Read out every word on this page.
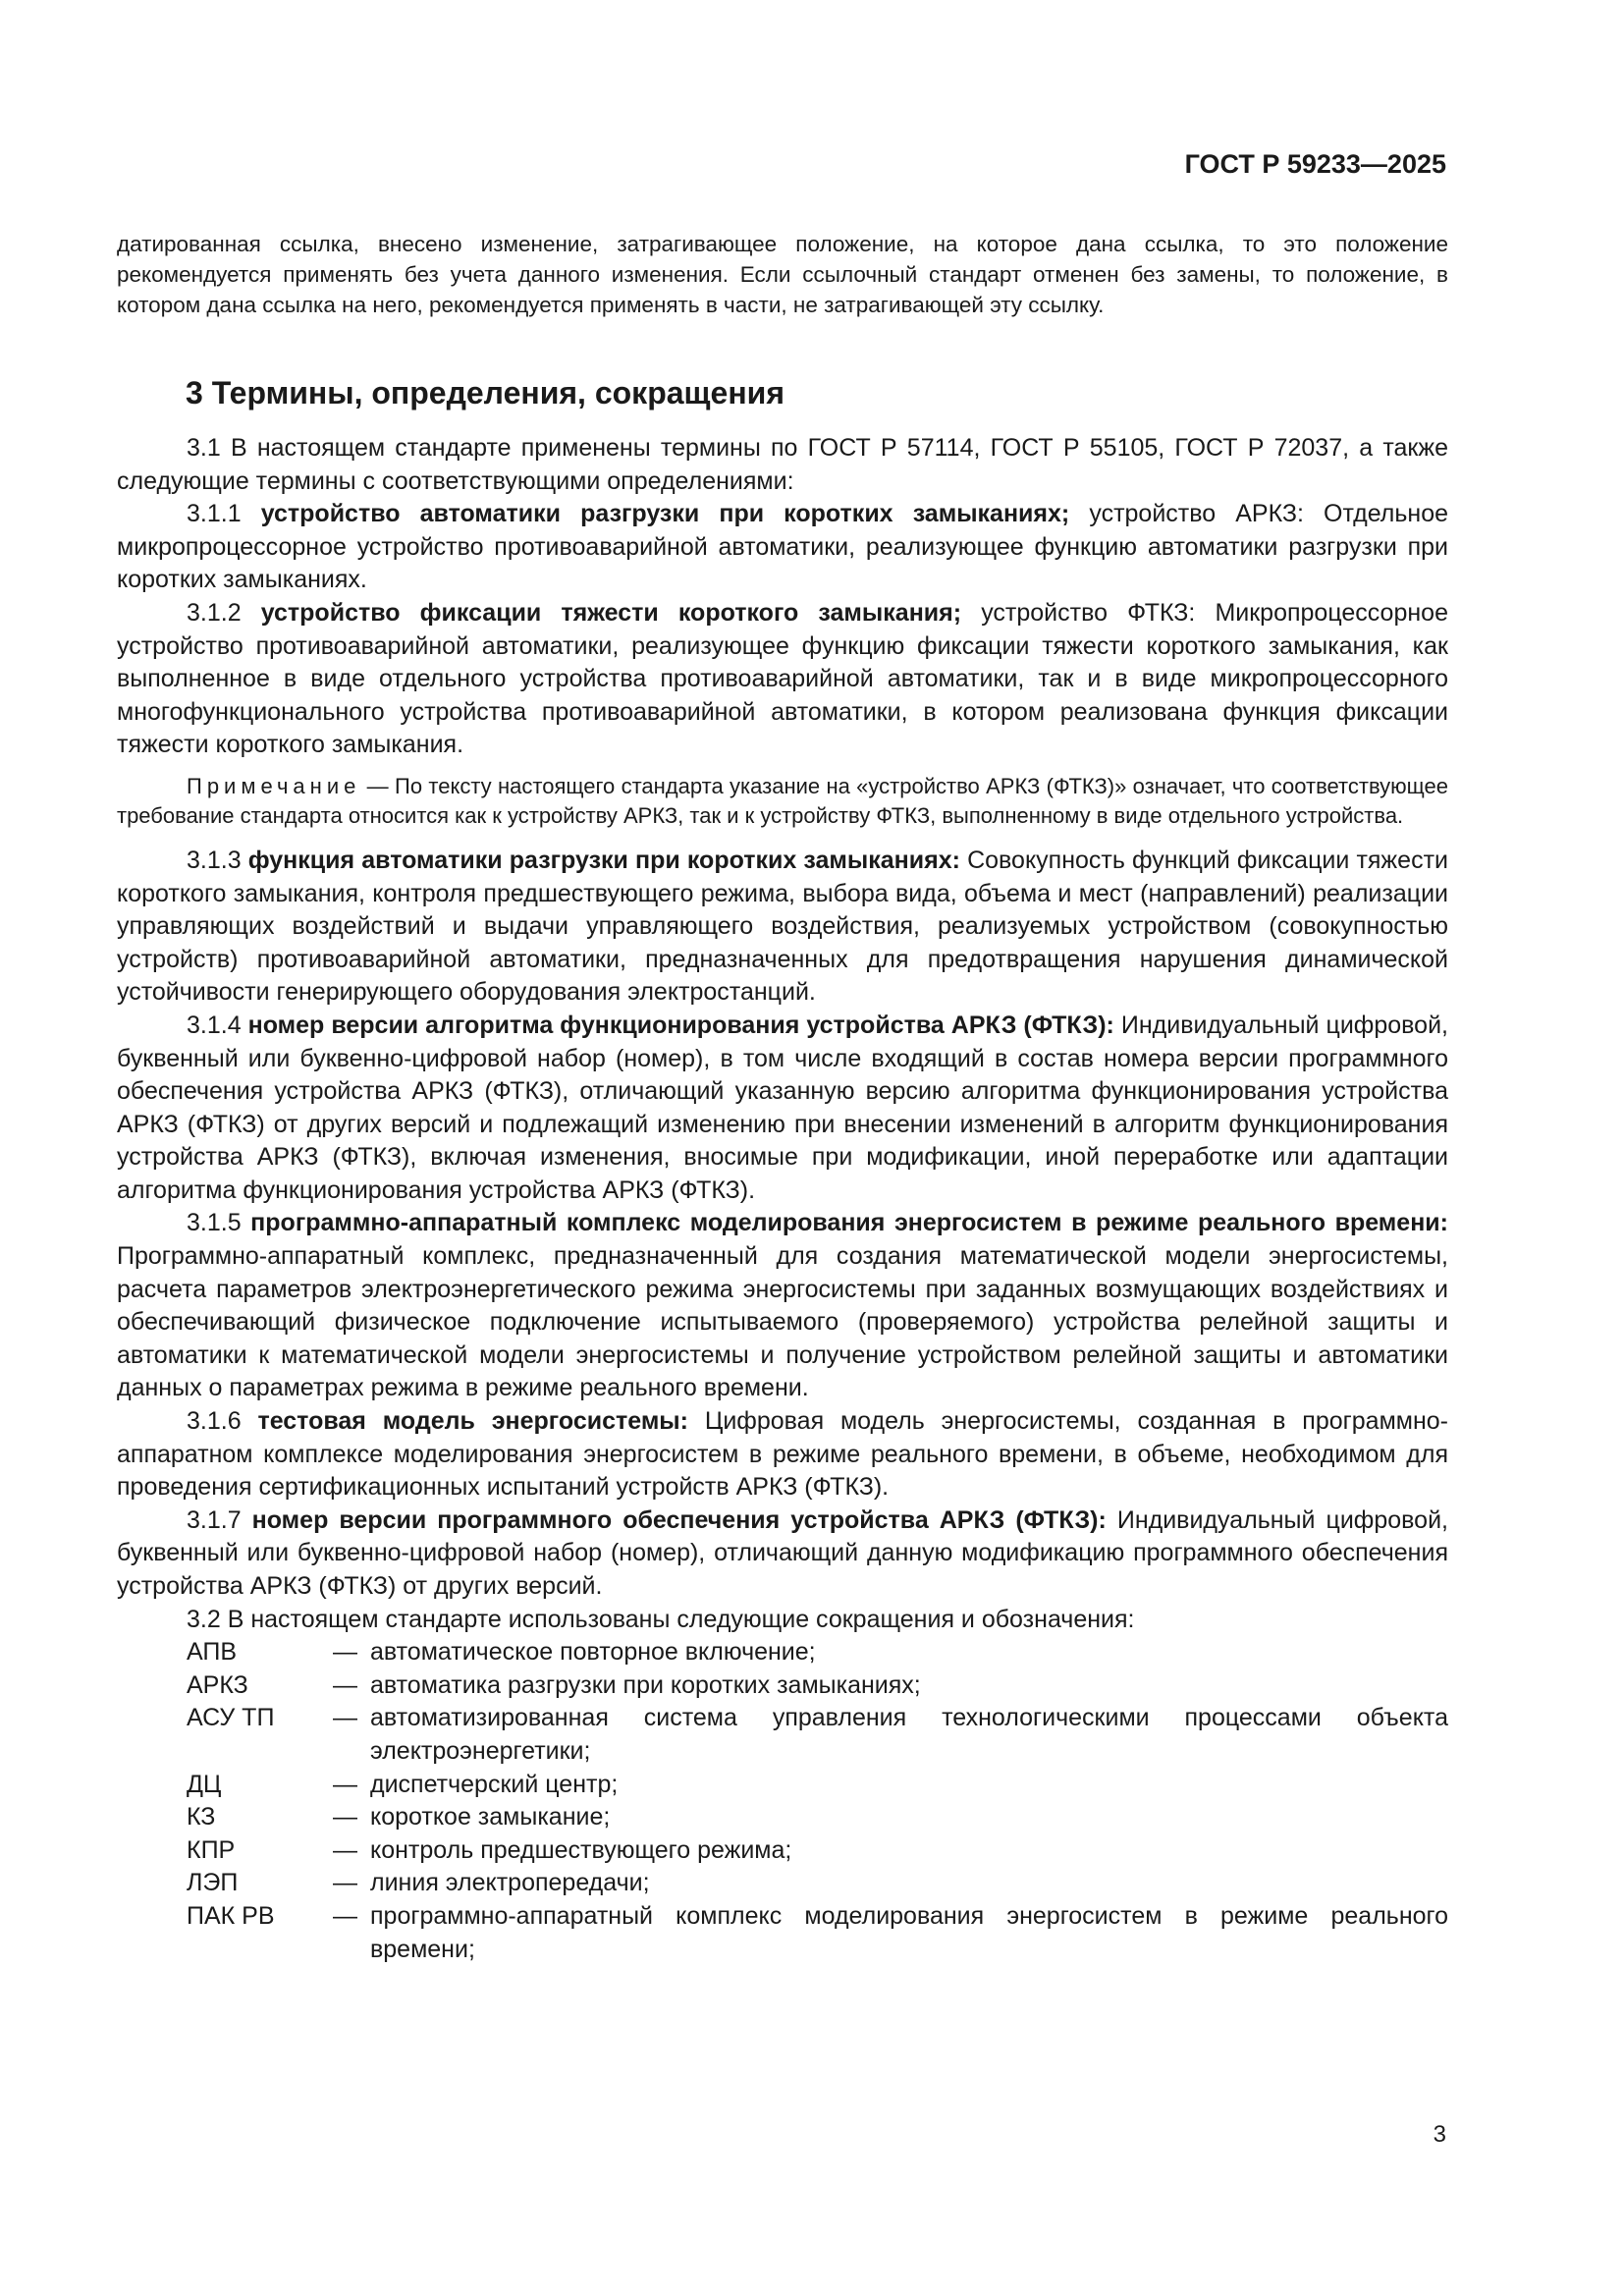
ГОСТ Р 59233—2025
датированная ссылка, внесено изменение, затрагивающее положение, на которое дана ссылка, то это положение рекомендуется применять без учета данного изменения. Если ссылочный стандарт отменен без замены, то положение, в котором дана ссылка на него, рекомендуется применять в части, не затрагивающей эту ссылку.
3 Термины, определения, сокращения

3.1 В настоящем стандарте применены термины по ГОСТ Р 57114, ГОСТ Р 55105, ГОСТ Р 72037, а также следующие термины с соответствующими определениями:

3.1.1 устройство автоматики разгрузки при коротких замыканиях; устройство АРКЗ: Отдельное микропроцессорное устройство противоаварийной автоматики, реализующее функцию автоматики разгрузки при коротких замыканиях.

3.1.2 устройство фиксации тяжести короткого замыкания; устройство ФТКЗ: Микропроцессорное устройство противоаварийной автоматики, реализующее функцию фиксации тяжести короткого замыкания, как выполненное в виде отдельного устройства противоаварийной автоматики, так и в виде микропроцессорного многофункционального устройства противоаварийной автоматики, в котором реализована функция фиксации тяжести короткого замыкания.

Примечание — По тексту настоящего стандарта указание на «устройство АРКЗ (ФТКЗ)» означает, что соответствующее требование стандарта относится как к устройству АРКЗ, так и к устройству ФТКЗ, выполненному в виде отдельного устройства.

3.1.3 функция автоматики разгрузки при коротких замыканиях: Совокупность функций фиксации тяжести короткого замыкания, контроля предшествующего режима, выбора вида, объема и мест (направлений) реализации управляющих воздействий и выдачи управляющего воздействия, реализуемых устройством (совокупностью устройств) противоаварийной автоматики, предназначенных для предотвращения нарушения динамической устойчивости генерирующего оборудования электростанций.

3.1.4 номер версии алгоритма функционирования устройства АРКЗ (ФТКЗ): Индивидуальный цифровой, буквенный или буквенно-цифровой набор (номер), в том числе входящий в состав номера версии программного обеспечения устройства АРКЗ (ФТКЗ), отличающий указанную версию алгоритма функционирования устройства АРКЗ (ФТКЗ) от других версий и подлежащий изменению при внесении изменений в алгоритм функционирования устройства АРКЗ (ФТКЗ), включая изменения, вносимые при модификации, иной переработке или адаптации алгоритма функционирования устройства АРКЗ (ФТКЗ).

3.1.5 программно-аппаратный комплекс моделирования энергосистем в режиме реального времени: Программно-аппаратный комплекс, предназначенный для создания математической модели энергосистемы, расчета параметров электроэнергетического режима энергосистемы при заданных возмущающих воздействиях и обеспечивающий физическое подключение испытываемого (проверяемого) устройства релейной защиты и автоматики к математической модели энергосистемы и получение устройством релейной защиты и автоматики данных о параметрах режима в режиме реального времени.

3.1.6 тестовая модель энергосистемы: Цифровая модель энергосистемы, созданная в программно-аппаратном комплексе моделирования энергосистем в режиме реального времени, в объеме, необходимом для проведения сертификационных испытаний устройств АРКЗ (ФТКЗ).

3.1.7 номер версии программного обеспечения устройства АРКЗ (ФТКЗ): Индивидуальный цифровой, буквенный или буквенно-цифровой набор (номер), отличающий данную модификацию программного обеспечения устройства АРКЗ (ФТКЗ) от других версий.

3.2 В настоящем стандарте использованы следующие сокращения и обозначения:

АПВ	— автоматическое повторное включение;
АРКЗ	— автоматика разгрузки при коротких замыканиях;
АСУ ТП	— автоматизированная система управления технологическими процессами объекта электроэнергетики;
ДЦ	— диспетчерский центр;
КЗ	— короткое замыкание;
КПР	— контроль предшествующего режима;
ЛЭП	— линия электропередачи;
ПАК РВ	— программно-аппаратный комплекс моделирования энергосистем в режиме реального времени;
3
